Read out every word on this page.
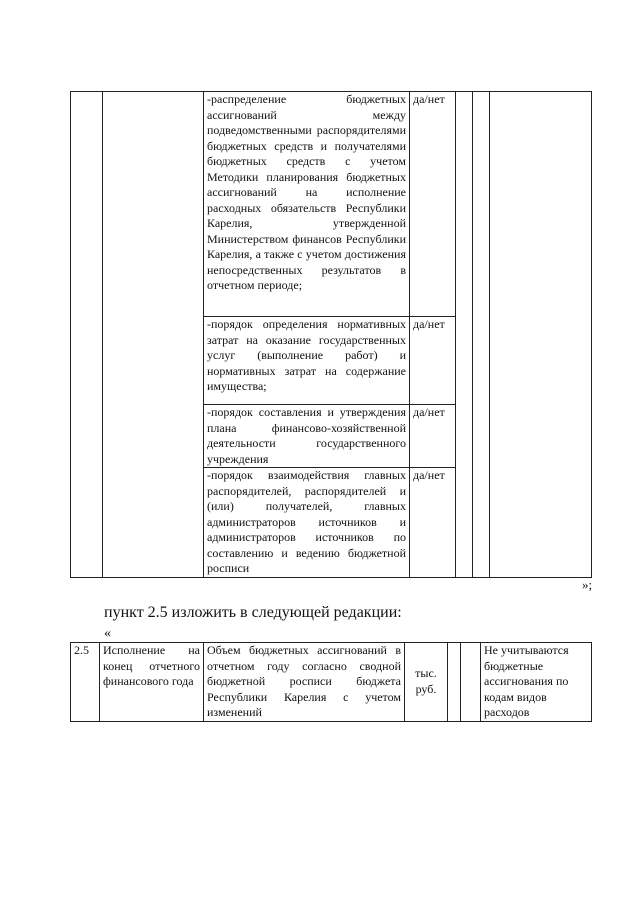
		-распределение бюджетных ассигнований между подведомственными распорядителями бюджетных средств и получателями бюджетных средств с учетом Методики планирования бюджетных ассигнований на исполнение расходных обязательств Республики Карелия, утвержденной Министерством финансов Республики Карелия, а также с учетом достижения непосредственных результатов в отчетном периоде;	да/нет			
		-порядок определения нормативных затрат на оказание государственных услуг (выполнение работ) и нормативных затрат на содержание имущества;	да/нет			
		-порядок составления и утверждения плана финансово-хозяйственной деятельности государственного учреждения	да/нет			
		-порядок взаимодействия главных распорядителей, распорядителей и (или) получателей, главных администраторов источников и администраторов источников по составлению и ведению бюджетной росписи	да/нет			
»;
пункт 2.5 изложить в следующей редакции:
«
2.5	Исполнение на конец отчетного финансового года	Объем бюджетных ассигнований в отчетном году согласно сводной бюджетной росписи бюджета Республики Карелия с учетом изменений	тыс. руб.			Не учитываются бюджетные ассигнования по кодам видов расходов
